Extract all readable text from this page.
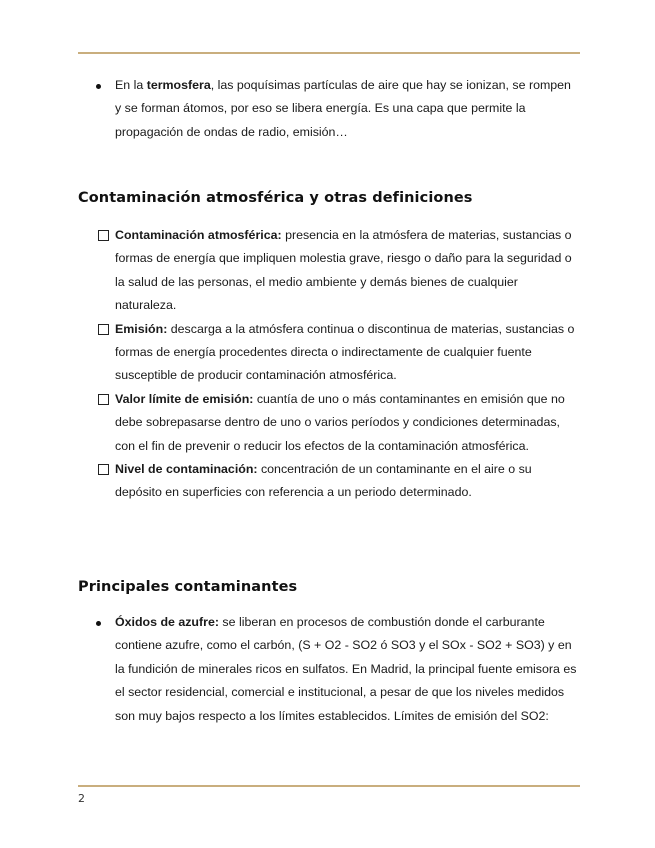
En la termosfera, las poquísimas partículas de aire que hay se ionizan, se rompen y se forman átomos, por eso se libera energía. Es una capa que permite la propagación de ondas de radio, emisión…
Contaminación atmosférica y otras definiciones
Contaminación atmosférica: presencia en la atmósfera de materias, sustancias o formas de energía que impliquen molestia grave, riesgo o daño para la seguridad o la salud de las personas, el medio ambiente y demás bienes de cualquier naturaleza.
Emisión: descarga a la atmósfera continua o discontinua de materias, sustancias o formas de energía procedentes directa o indirectamente de cualquier fuente susceptible de producir contaminación atmosférica.
Valor límite de emisión: cuantía de uno o más contaminantes en emisión que no debe sobrepasarse dentro de uno o varios períodos y condiciones determinadas, con el fin de prevenir o reducir los efectos de la contaminación atmosférica.
Nivel de contaminación: concentración de un contaminante en el aire o su depósito en superficies con referencia a un periodo determinado.
Principales contaminantes
Óxidos de azufre: se liberan en procesos de combustión donde el carburante contiene azufre, como el carbón, (S + O2 - SO2 ó SO3 y el SOx - SO2 + SO3) y en la fundición de minerales ricos en sulfatos. En Madrid, la principal fuente emisora es el sector residencial, comercial e institucional, a pesar de que los niveles medidos son muy bajos respecto a los límites establecidos. Límites de emisión del SO2:
2
